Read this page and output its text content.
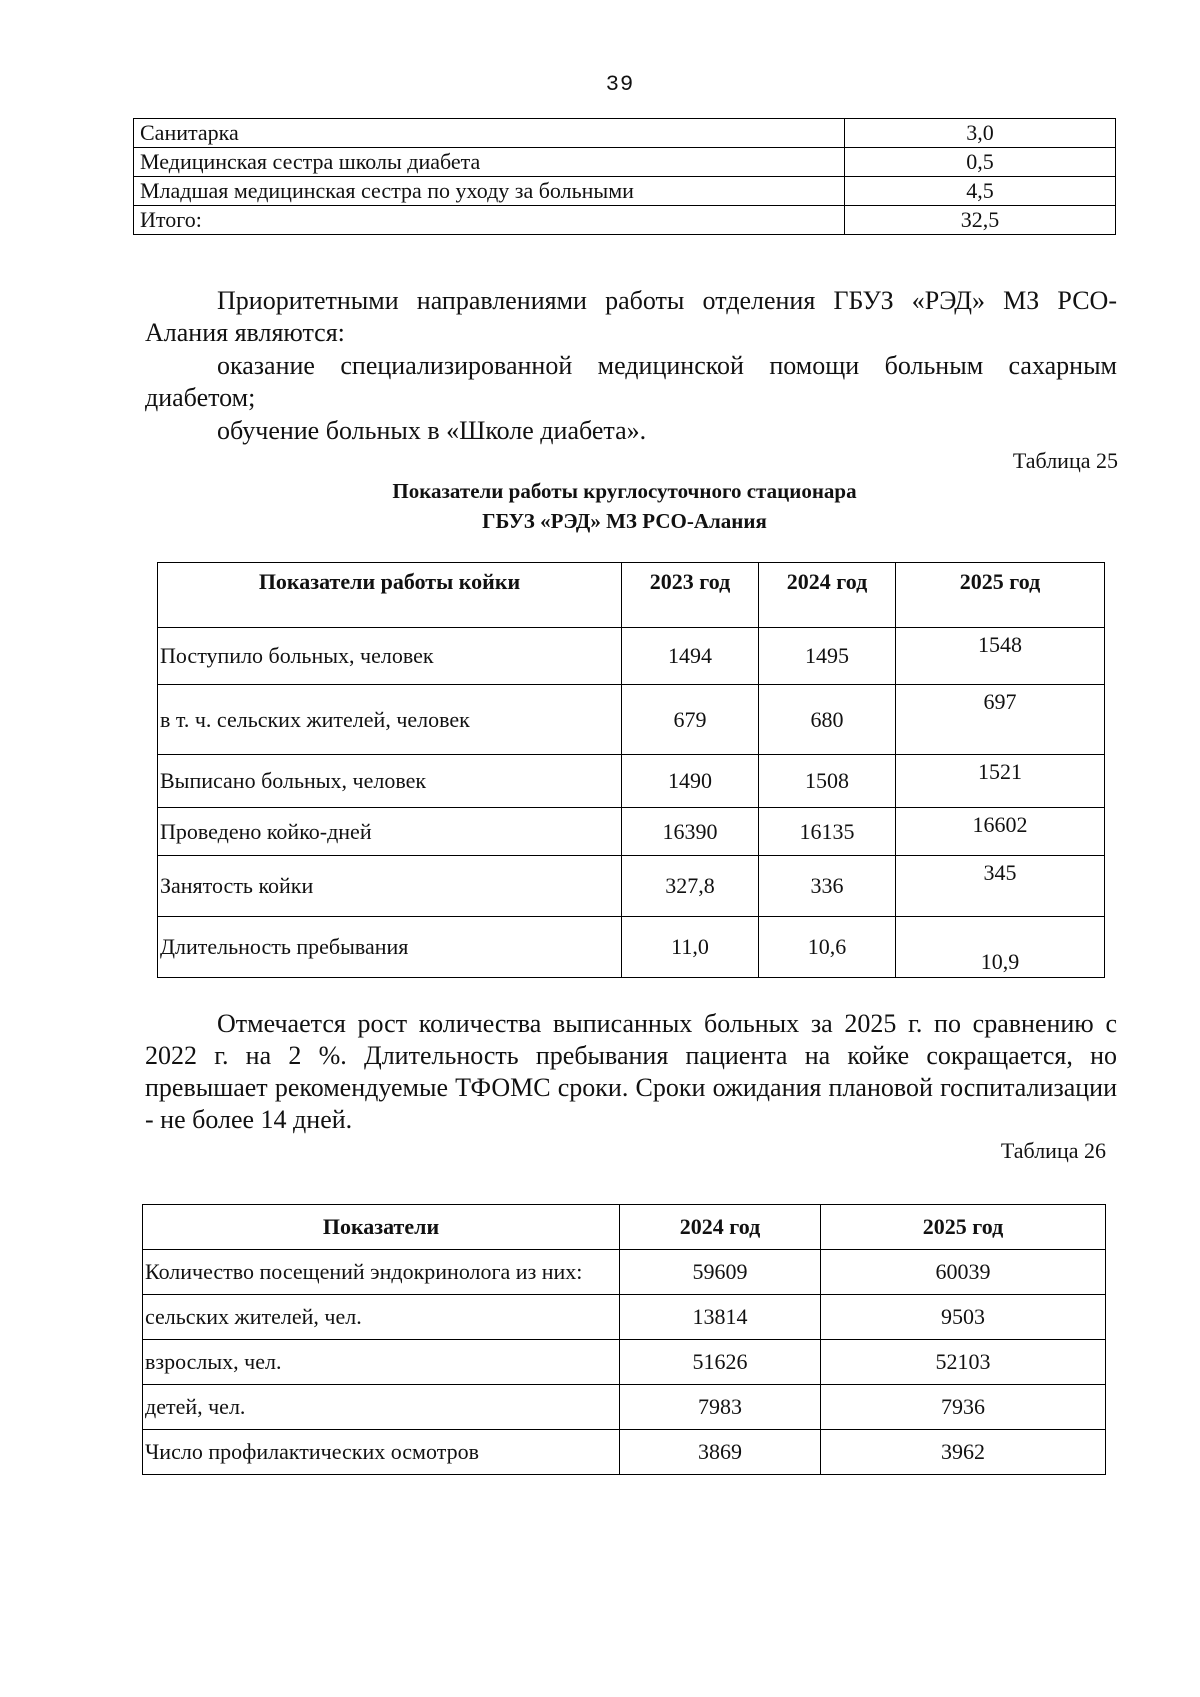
39
Санитарка	3,0
Медицинская сестра школы диабета	0,5
Младшая медицинская сестра по уходу за больными	4,5
Итого:	32,5
Приоритетными направлениями работы отделения ГБУЗ «РЭД» МЗ РСО-Алания являются:
оказание специализированной медицинской помощи больным сахарным диабетом;
обучение больных в «Школе диабета».
Таблица 25
Показатели работы круглосуточного стационара
ГБУЗ «РЭД» МЗ РСО-Алания
Показатели работы койки	2023 год	2024 год	2025 год
Поступило больных, человек	1494	1495	1548
в т. ч. сельских жителей, человек	679	680	697
Выписано больных, человек	1490	1508	1521
Проведено койко-дней	16390	16135	16602
Занятость койки	327,8	336	345
Длительность пребывания	11,0	10,6	10,9
Отмечается рост количества выписанных больных за 2025 г. по сравнению с 2022 г. на 2 %. Длительность пребывания пациента на койке сокращается, но превышает рекомендуемые ТФОМС сроки. Сроки ожидания плановой госпитализации - не более 14 дней.
Таблица 26
Показатели	2024 год	2025 год
Количество посещений эндокринолога из них:	59609	60039
сельских жителей, чел.	13814	9503
взрослых, чел.	51626	52103
детей, чел.	7983	7936
Число профилактических осмотров	3869	3962
